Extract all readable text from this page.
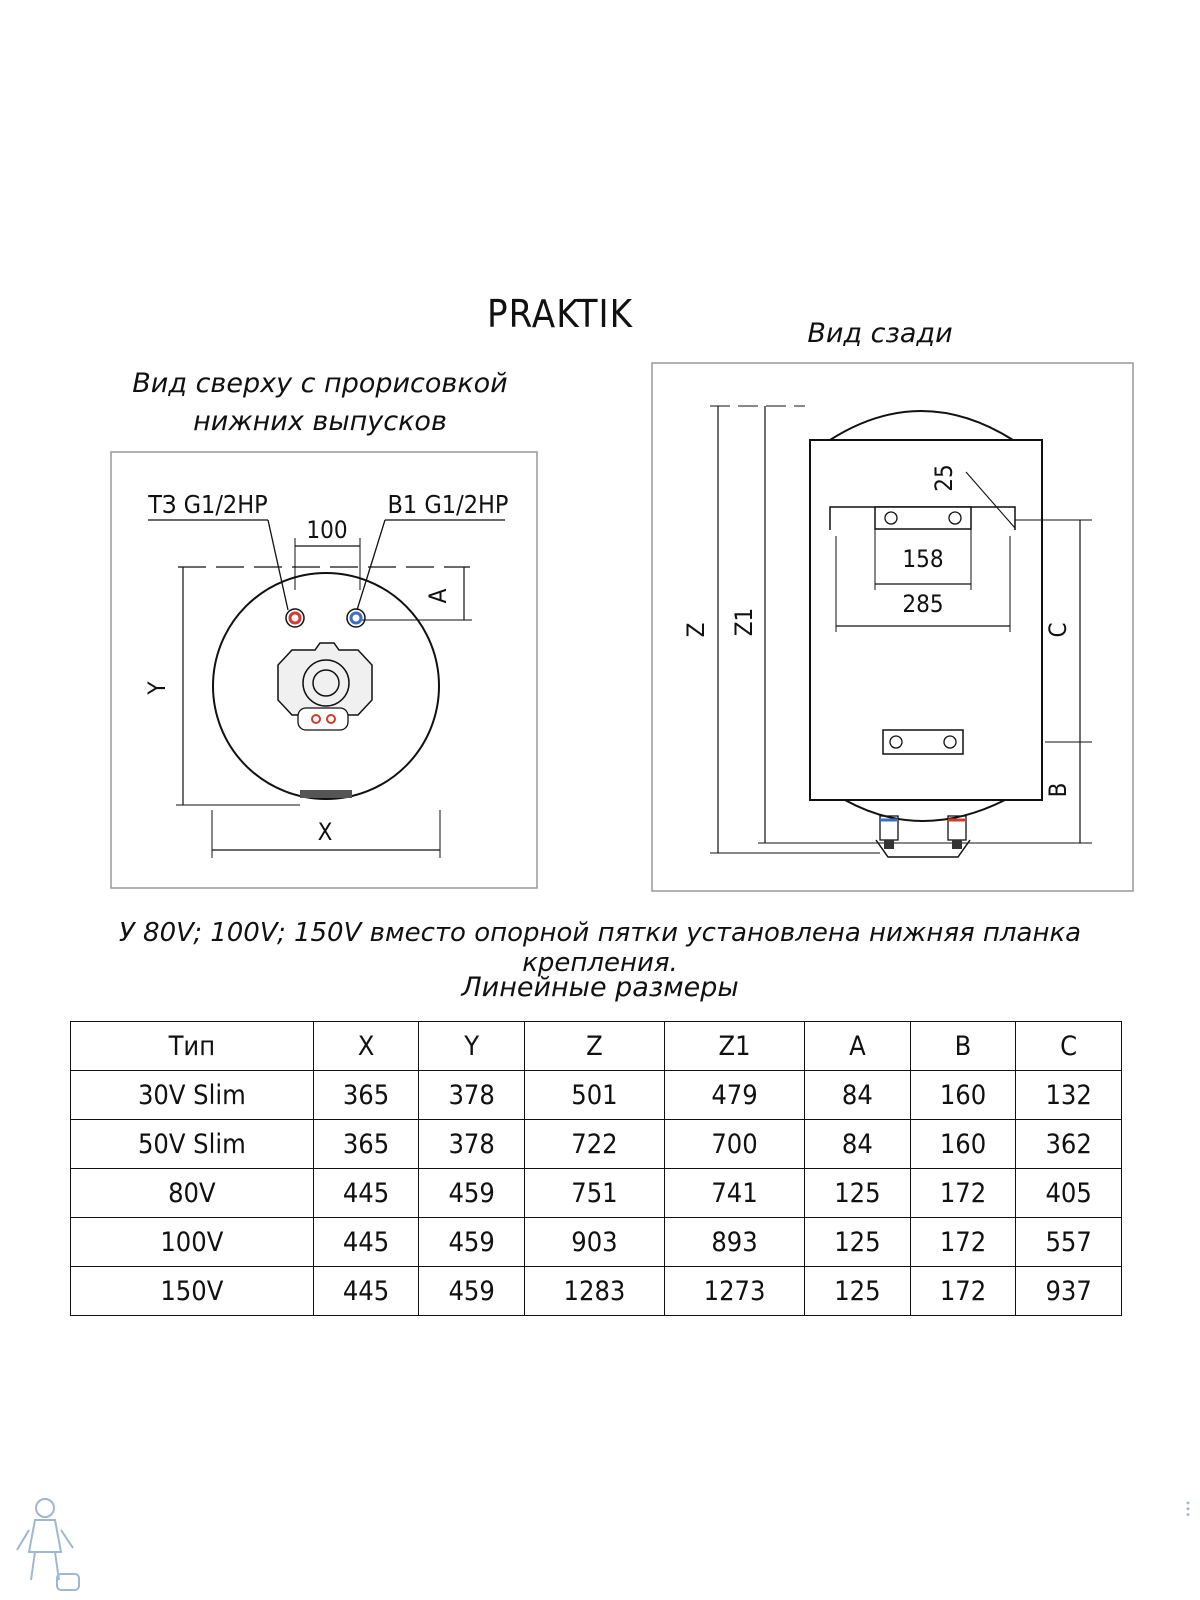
PRAKTIK
Вид сверху с прорисовкой
нижних выпусков
Вид сзади
ТЗ G1/2НР	В1 G1/2НР
100
A
Y
X
Z Z1
25
158
285
C
B
У 80V; 100V; 150V вместо опорной пятки установлена нижняя планка крепления.
Линейные размеры
Тип	X	Y	Z	Z1	A	B	C
30V Slim	365	378	501	479	84	160	132
50V Slim	365	378	722	700	84	160	362
80V	445	459	751	741	125	172	405
100V	445	459	903	893	125	172	557
150V	445	459	1283	1273	125	172	937
•••
